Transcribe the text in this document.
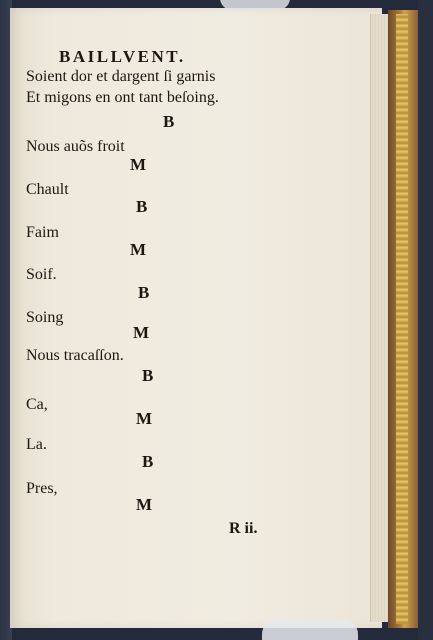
BAILLVENT.
Soient dor et dargent ſi garnis
Et migons en ont tant beſoing.
B
Nous auõs froit
M
Chault
B
Faim
M
Soif.
B
Soing
M
Nous tracaſſon.
B
Ca,
M
La.
B
Pres,
M
R ii.
